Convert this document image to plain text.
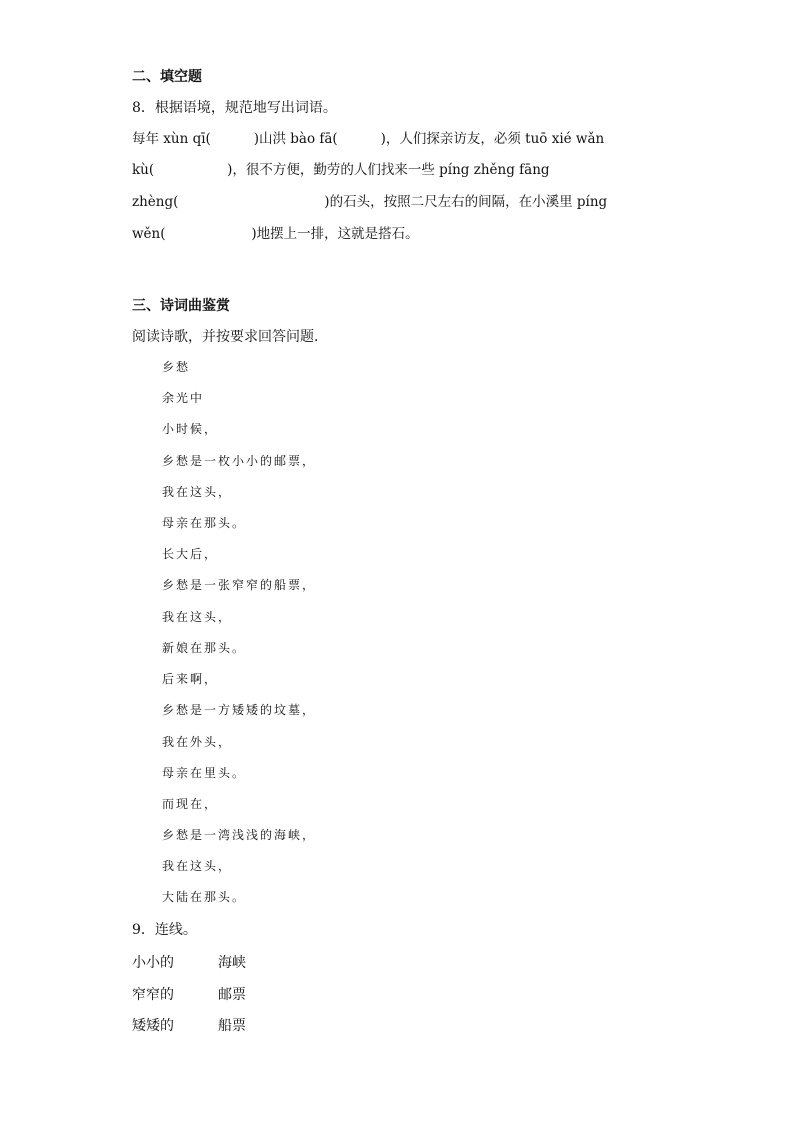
二、填空题
8．根据语境，规范地写出词语。
每年 xùn qī(          )山洪 bào fā(          )，人们探亲访友，必须 tuō xié wǎn
kù(                 )，很不方便，勤劳的人们找来一些 píng zhěng fāng
zhèng(                                  )的石头，按照二尺左右的间隔，在小溪里 píng
wěn(                    )地摆上一排，这就是搭石。
三、诗词曲鉴赏
阅读诗歌，并按要求回答问题．
乡愁
余光中
小时候，
乡愁是一枚小小的邮票，
我在这头，
母亲在那头。
长大后，
乡愁是一张窄窄的船票，
我在这头，
新娘在那头。
后来啊，
乡愁是一方矮矮的坟墓，
我在外头，
母亲在里头。
而现在，
乡愁是一湾浅浅的海峡，
我在这头，
大陆在那头。
9．连线。
小小的	海峡
窄窄的	邮票
矮矮的	船票
